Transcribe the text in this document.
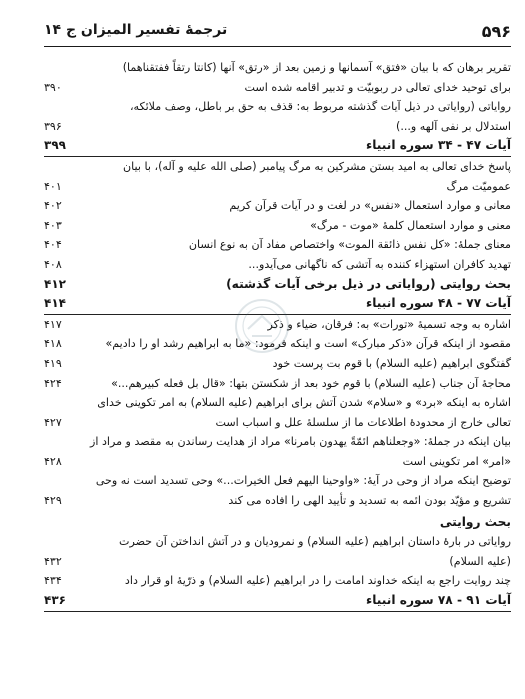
۵۹۶
ترجمهٔ تفسیر المیزان ج ۱۴
تقریر برهان که با بیان «فتق» آسمانها و زمین بعد از «رتق» آنها (کانتا رتقاً ففتقناهما)
برای توحید خدای تعالی در ربوبیّت و تدبیر اقامه شده است
۳۹۰
روایاتی (روایاتی در ذیل آیات گذشته مربوط به: قذف به حق بر باطل، وصف ملائکه،
استدلال بر نفی آلهه و...)
۳۹۶
آیات ۴۷ - ۳۴ سوره انبیاء
۳۹۹
پاسخ خدای تعالی به امید بستن مشرکین به مرگ پیامبر (صلی الله علیه و آله)، با بیان
عمومیّت مرگ
۴۰۱
معانی و موارد استعمال «نفس» در لغت و در آیات قرآن کریم
۴۰۲
معنی و موارد استعمال کلمهٔ «موت - مرگ»
۴۰۳
معنای جملهٔ: «کل نفس ذائقة الموت» واختصاص مفاد آن به نوع انسان
۴۰۴
تهدید کافران استهزاء کننده به آتشی که ناگهانی می‌آیدو...
۴۰۸
بحث روایتی (روایاتی در ذیل برخی آیات گذشته)
۴۱۲
آیات ۷۷ - ۴۸ سوره انبیاء
۴۱۴
اشاره به وجه تسمیهٔ «تورات» به: فرقان، ضیاء و ذکر
۴۱۷
مقصود از اینکه قرآن «ذکر مبارک» است و اینکه فرمود: «ما به ابراهیم رشد او را دادیم»
۴۱۸
گفتگوی ابراهیم (علیه السلام) با قوم بت پرست خود
۴۱۹
محاجهٔ آن جناب (علیه السلام) با قوم خود بعد از شکستن بتها: «قال بل فعله کبیرهم...»
۴۲۴
اشاره به اینکه «برد» و «سلام» شدن آتش برای ابراهیم (علیه السلام) به امر تکوینی خدای
تعالی خارج از محدودهٔ اطلاعات ما از سلسلهٔ علل و اسباب است
۴۲۷
بیان اینکه در جملهٔ: «وجعلناهم ائمّةً یهدون بامرنا» مراد از هدایت رساندن به مقصد و مراد از
«امر» امر تکوینی است
۴۲۸
توضیح اینکه مراد از وحی در آیهٔ: «واوحینا الیهم فعل الخیرات...» وحی تسدید است نه وحی
تشریع و مؤیّد بودن ائمه به تسدید و تأیید الهی را افاده می کند
۴۲۹
بحث روایتی
روایاتی در بارهٔ داستان ابراهیم (علیه السلام) و نمرودیان و در آتش انداختن آن حضرت
(علیه السلام)
۴۳۲
چند روایت راجع به اینکه خداوند امامت را در ابراهیم (علیه السلام) و ذرّیهٔ او قرار داد
۴۳۴
آیات ۹۱ - ۷۸ سوره انبیاء
۴۳۶
